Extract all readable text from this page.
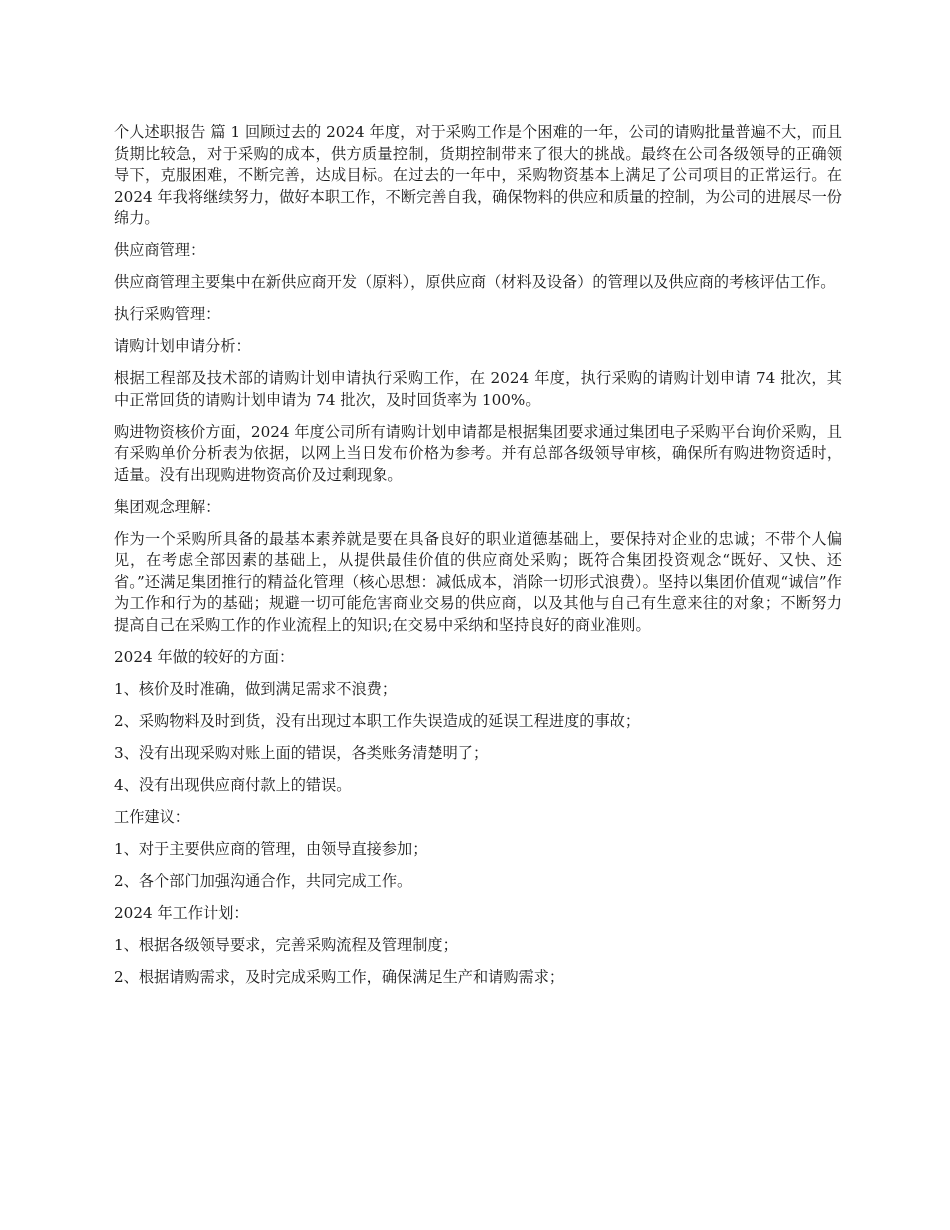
个人述职报告 篇 1 回顾过去的 2024 年度，对于采购工作是个困难的一年，公司的请购批量普遍不大，而且货期比较急，对于采购的成本，供方质量控制，货期控制带来了很大的挑战。最终在公司各级领导的正确领导下，克服困难，不断完善，达成目标。在过去的一年中，采购物资基本上满足了公司项目的正常运行。在 2024 年我将继续努力，做好本职工作，不断完善自我，确保物料的供应和质量的控制，为公司的进展尽一份绵力。

供应商管理：

供应商管理主要集中在新供应商开发（原料），原供应商（材料及设备）的管理以及供应商的考核评估工作。

执行采购管理：

请购计划申请分析：

根据工程部及技术部的请购计划申请执行采购工作，在 2024 年度，执行采购的请购计划申请 74 批次，其中正常回货的请购计划申请为 74 批次，及时回货率为 100%。

购进物资核价方面，2024 年度公司所有请购计划申请都是根据集团要求通过集团电子采购平台询价采购，且有采购单价分析表为依据，以网上当日发布价格为参考。并有总部各级领导审核，确保所有购进物资适时，适量。没有出现购进物资高价及过剩现象。

集团观念理解：

作为一个采购所具备的最基本素养就是要在具备良好的职业道德基础上，要保持对企业的忠诚；不带个人偏见，在考虑全部因素的基础上，从提供最佳价值的供应商处采购；既符合集团投资观念“既好、又快、还省。”还满足集团推行的精益化管理（核心思想：减低成本，消除一切形式浪费）。坚持以集团价值观“诚信”作为工作和行为的基础；规避一切可能危害商业交易的供应商，以及其他与自己有生意来往的对象；不断努力提高自己在采购工作的作业流程上的知识;在交易中采纳和坚持良好的商业准则。

2024 年做的较好的方面：

1、核价及时准确，做到满足需求不浪费；

2、采购物料及时到货，没有出现过本职工作失误造成的延误工程进度的事故；

3、没有出现采购对账上面的错误，各类账务清楚明了；

4、没有出现供应商付款上的错误。

工作建议：

1、对于主要供应商的管理，由领导直接参加；

2、各个部门加强沟通合作，共同完成工作。

2024 年工作计划：

1、根据各级领导要求，完善采购流程及管理制度；

2、根据请购需求，及时完成采购工作，确保满足生产和请购需求；
